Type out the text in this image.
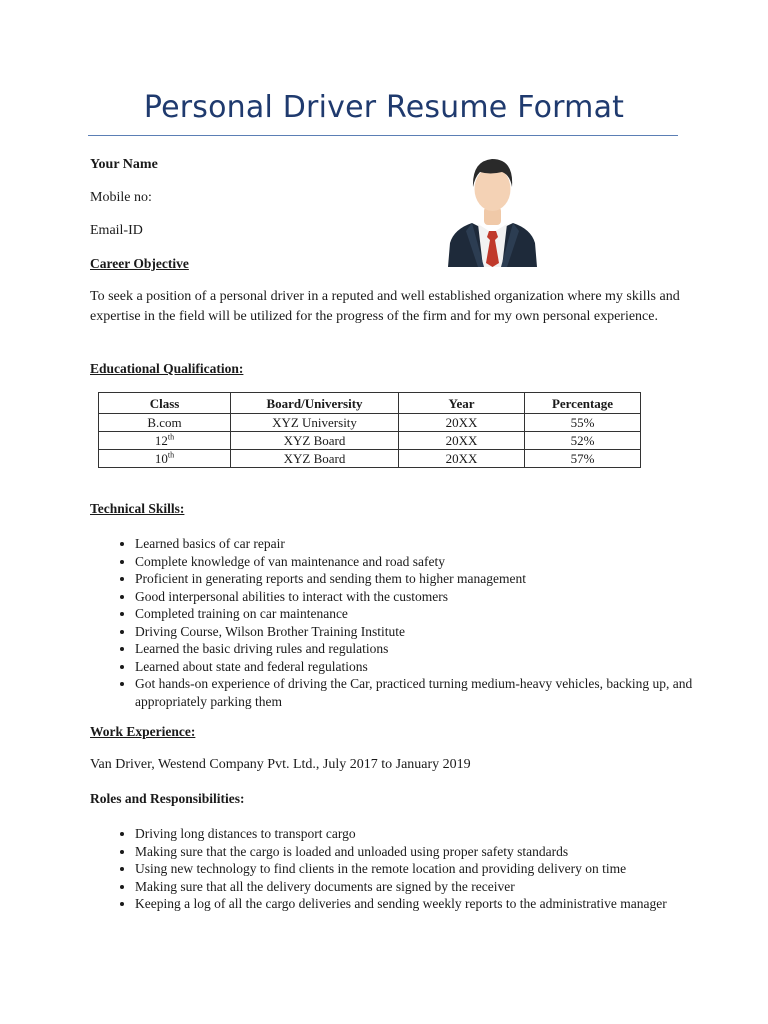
Personal Driver Resume Format
Your Name
Mobile no:
Email-ID
Career Objective

To seek a position of a personal driver in a reputed and well established organization where my skills and expertise in the field will be utilized for the progress of the firm and for my own personal experience.

Educational Qualification:
Class	Board/University	Year	Percentage
B.com	XYZ University	20XX	55%
12th	XYZ Board	20XX	52%
10th	XYZ Board	20XX	57%
Technical Skills:
• Learned basics of car repair
• Complete knowledge of van maintenance and road safety
• Proficient in generating reports and sending them to higher management
• Good interpersonal abilities to interact with the customers
• Completed training on car maintenance
• Driving Course, Wilson Brother Training Institute
• Learned the basic driving rules and regulations
• Learned about state and federal regulations
• Got hands-on experience of driving the Car, practiced turning medium-heavy vehicles, backing up, and appropriately parking them
Work Experience:

Van Driver, Westend Company Pvt. Ltd., July 2017 to January 2019

Roles and Responsibilities:
• Driving long distances to transport cargo
• Making sure that the cargo is loaded and unloaded using proper safety standards
• Using new technology to find clients in the remote location and providing delivery on time
• Making sure that all the delivery documents are signed by the receiver
• Keeping a log of all the cargo deliveries and sending weekly reports to the administrative manager
